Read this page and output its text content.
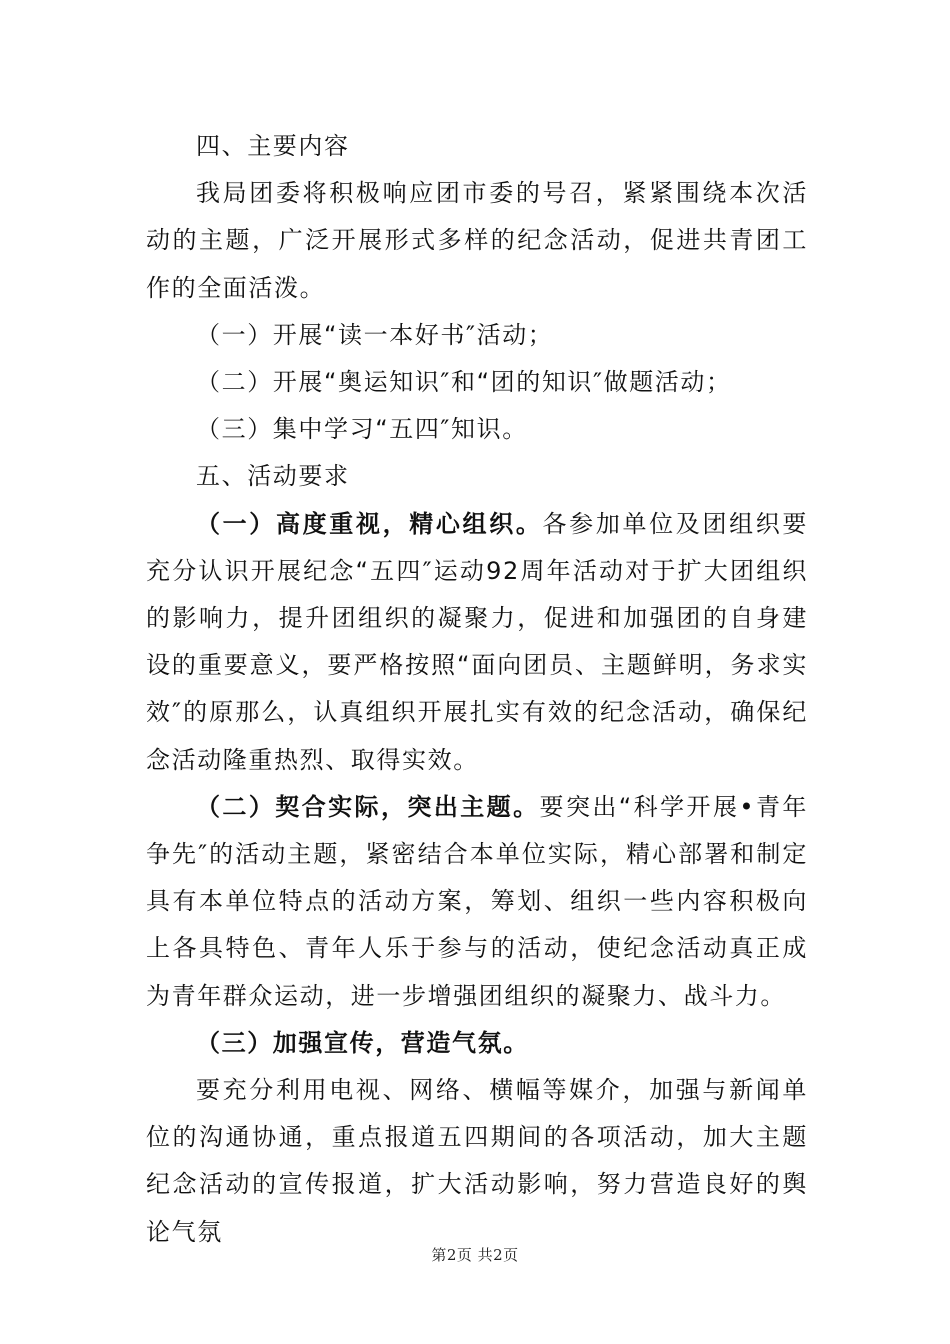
四、主要内容

我局团委将积极响应团市委的号召，紧紧围绕本次活动的主题，广泛开展形式多样的纪念活动，促进共青团工作的全面活泼。

（一）开展“读一本好书″活动；

（二）开展“奥运知识″和“团的知识″做题活动；

（三）集中学习“五四″知识。

五、活动要求

（一）高度重视，精心组织。各参加单位及团组织要充分认识开展纪念“五四″运动92周年活动对于扩大团组织的影响力，提升团组织的凝聚力，促进和加强团的自身建设的重要意义，要严格按照“面向团员、主题鲜明，务求实效″的原那么，认真组织开展扎实有效的纪念活动，确保纪念活动隆重热烈、取得实效。

（二）契合实际，突出主题。要突出“科学开展•青年争先″的活动主题，紧密结合本单位实际，精心部署和制定具有本单位特点的活动方案，筹划、组织一些内容积极向上各具特色、青年人乐于参与的活动，使纪念活动真正成为青年群众运动，进一步增强团组织的凝聚力、战斗力。

（三）加强宣传，营造气氛。

要充分利用电视、网络、横幅等媒介，加强与新闻单位的沟通协通，重点报道五四期间的各项活动，加大主题纪念活动的宣传报道，扩大活动影响，努力营造良好的舆论气氛

第2页 共2页
